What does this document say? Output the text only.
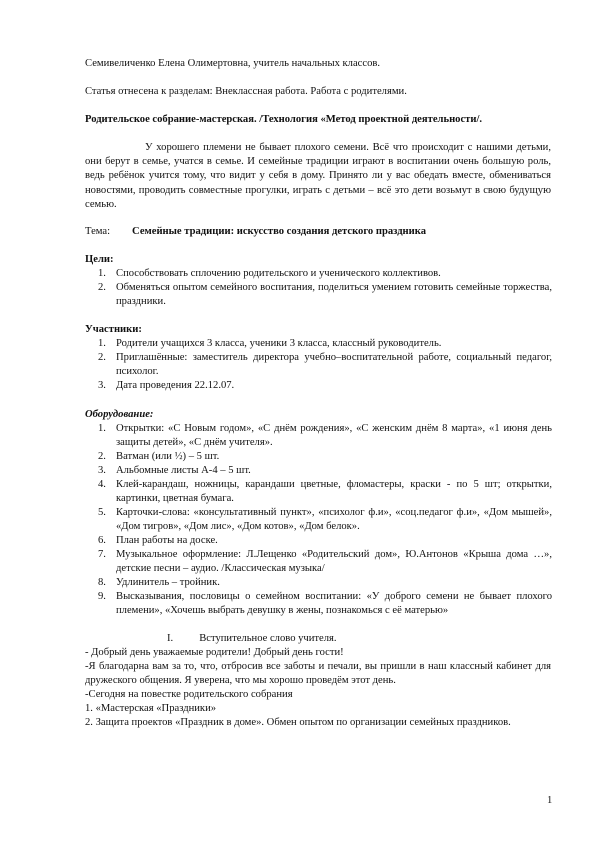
Семивеличенко Елена Олимертовна, учитель начальных классов.
Статья отнесена к разделам: Внеклассная работа. Работа с родителями.
Родительское собрание-мастерская. /Технология «Метод проектной деятельности/.
У хорошего племени не бывает плохого семени. Всё что происходит с нашими детьми, они берут в семье, учатся в семье. И семейные традиции играют в воспитании очень большую роль, ведь ребёнок учится тому, что видит у себя в дому. Принято ли у вас обедать вместе, обмениваться новостями, проводить совместные прогулки, играть с детьми – всё это дети возьмут в свою будущую семью.
Тема: Семейные традиции: искусство создания детского праздника
Цели:
1. Способствовать сплочению родительского и ученического коллективов.
2. Обменяться опытом семейного воспитания, поделиться умением готовить семейные торжества, праздники.
Участники:
1. Родители учащихся 3 класса, ученики 3 класса, классный руководитель.
2. Приглашённые: заместитель директора учебно–воспитательной работе, социальный педагог, психолог.
3. Дата проведения 22.12.07.
Оборудование:
1. Открытки: «С Новым годом», «С днём рождения», «С женским днём 8 марта», «1 июня день защиты детей», «С днём учителя».
2. Ватман (или ½) – 5 шт.
3. Альбомные листы А-4 – 5 шт.
4. Клей-карандаш, ножницы, карандаши цветные, фломастеры, краски - по 5 шт; открытки, картинки, цветная бумага.
5. Карточки-слова: «консультативный пункт», «психолог ф.и», «соц.педагог ф.и», «Дом мышей», «Дом тигров», «Дом лис», «Дом котов», «Дом белок».
6. План работы на доске.
7. Музыкальное оформление: Л.Лещенко «Родительский дом», Ю.Антонов «Крыша дома …», детские песни – аудио. /Классическая музыка/
8. Удлинитель – тройник.
9. Высказывания, пословицы о семейном воспитании: «У доброго семени не бывает плохого племени», «Хочешь выбрать девушку в жены, познакомься с её матерью»
I. Вступительное слово учителя.
- Добрый день уважаемые родители! Добрый день гости!
-Я благодарна вам за то, что, отбросив все заботы и печали, вы пришли в наш классный кабинет для дружеского общения. Я уверена, что мы хорошо проведём этот день.
-Сегодня на повестке родительского собрания
1. «Мастерская «Праздники»
2. Защита проектов «Праздник в доме». Обмен опытом по организации семейных праздников.
1
